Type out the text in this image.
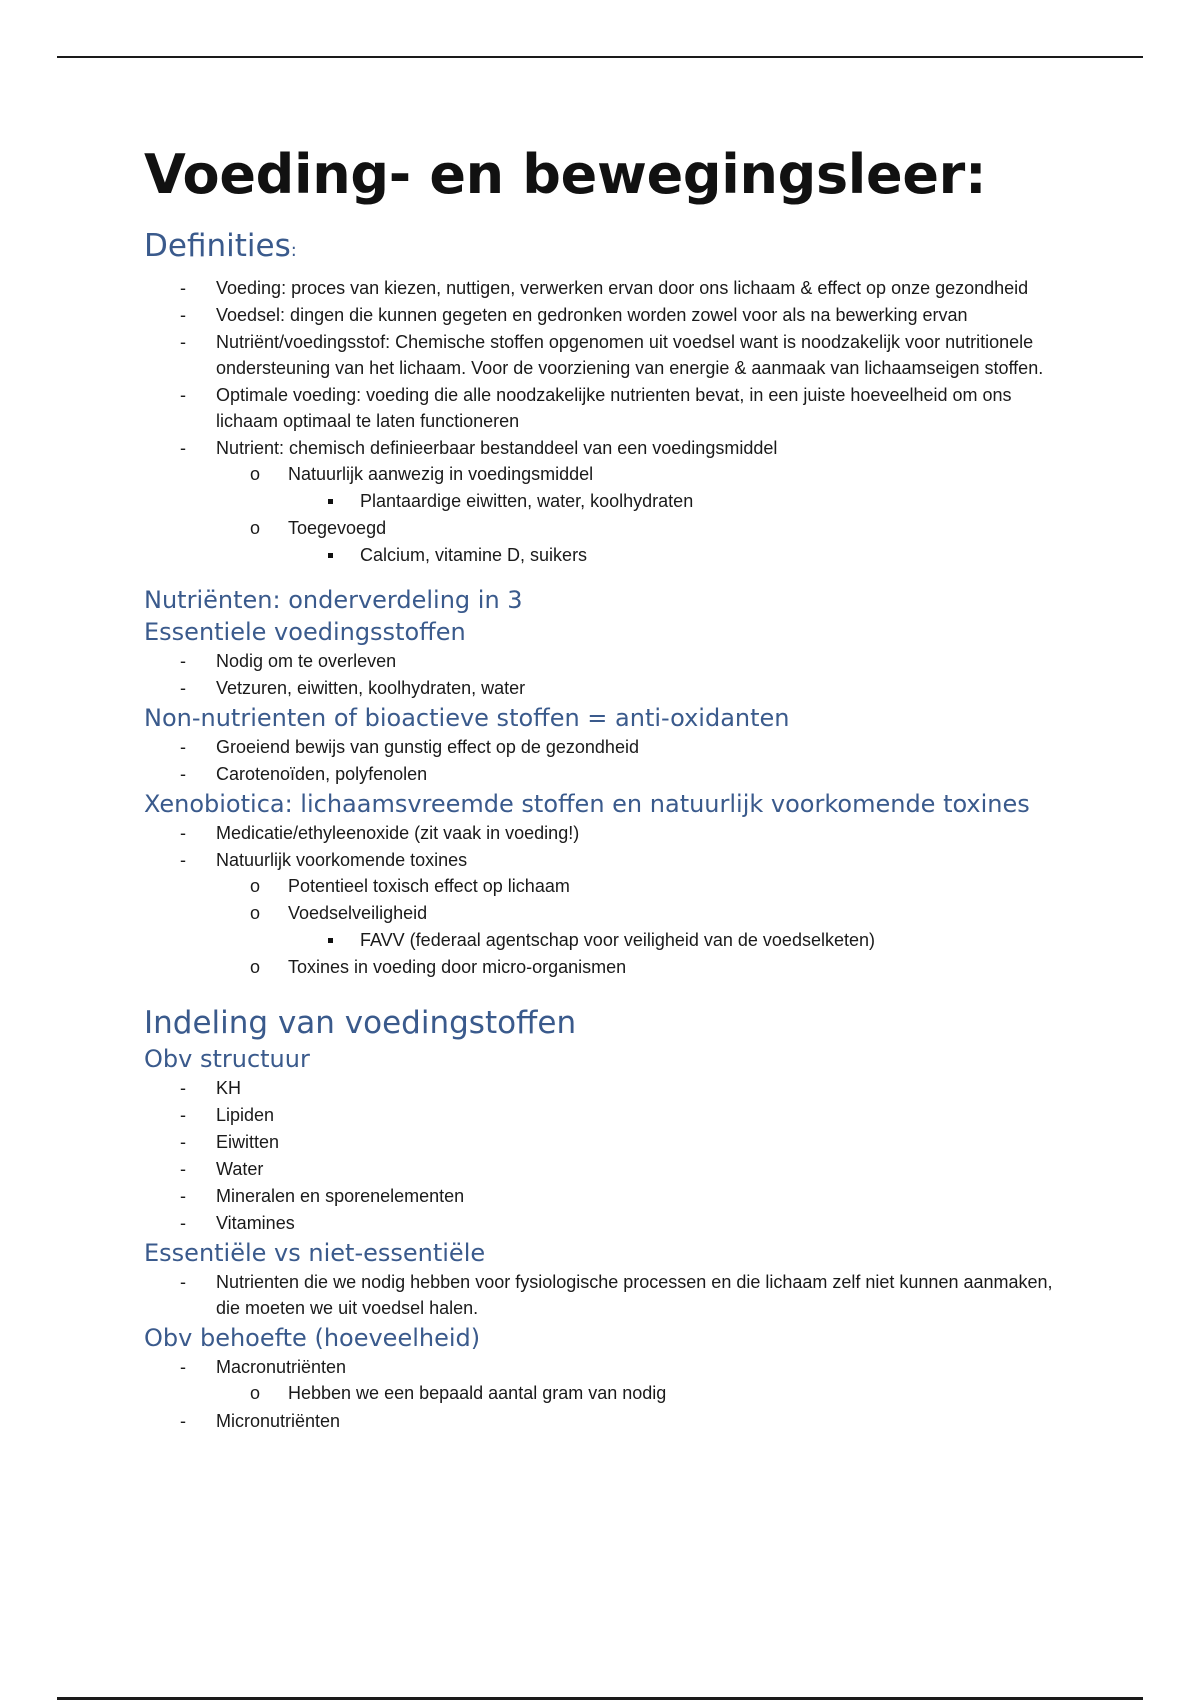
Voeding- en bewegingsleer:
Definities:
-	Voeding: proces van kiezen, nuttigen, verwerken ervan door ons lichaam & effect op onze gezondheid
-	Voedsel: dingen die kunnen gegeten en gedronken worden zowel voor als na bewerking ervan
-	Nutriënt/voedingsstof: Chemische stoffen opgenomen uit voedsel want is noodzakelijk voor nutritionele ondersteuning van het lichaam. Voor de voorziening van energie & aanmaak van lichaamseigen stoffen.
-	Optimale voeding: voeding die alle noodzakelijke nutrienten bevat, in een juiste hoeveelheid om ons lichaam optimaal te laten functioneren
-	Nutrient: chemisch definieerbaar bestanddeel van een voedingsmiddel
o Natuurlijk aanwezig in voedingsmiddel
Plantaardige eiwitten, water, koolhydraten
o Toegevoegd
Calcium, vitamine D, suikers
Nutriënten: onderverdeling in 3
Essentiele voedingsstoffen
-	Nodig om te overleven
-	Vetzuren, eiwitten, koolhydraten, water
Non-nutrienten of bioactieve stoffen = anti-oxidanten
-	Groeiend bewijs van gunstig effect op de gezondheid
-	Carotenoïden, polyfenolen
Xenobiotica: lichaamsvreemde stoffen en natuurlijk voorkomende toxines
-	Medicatie/ethyleenoxide (zit vaak in voeding!)
-	Natuurlijk voorkomende toxines
o Potentieel toxisch effect op lichaam
o Voedselveiligheid
FAVV (federaal agentschap voor veiligheid van de voedselketen)
o Toxines in voeding door micro-organismen
Indeling van voedingstoffen
Obv structuur
-	KH
-	Lipiden
-	Eiwitten
-	Water
-	Mineralen en sporenelementen
-	Vitamines
Essentiële vs niet-essentiële
-	Nutrienten die we nodig hebben voor fysiologische processen en die lichaam zelf niet kunnen aanmaken, die moeten we uit voedsel halen.
Obv behoefte (hoeveelheid)
-	Macronutriënten
o Hebben we een bepaald aantal gram van nodig
-	Micronutriënten
